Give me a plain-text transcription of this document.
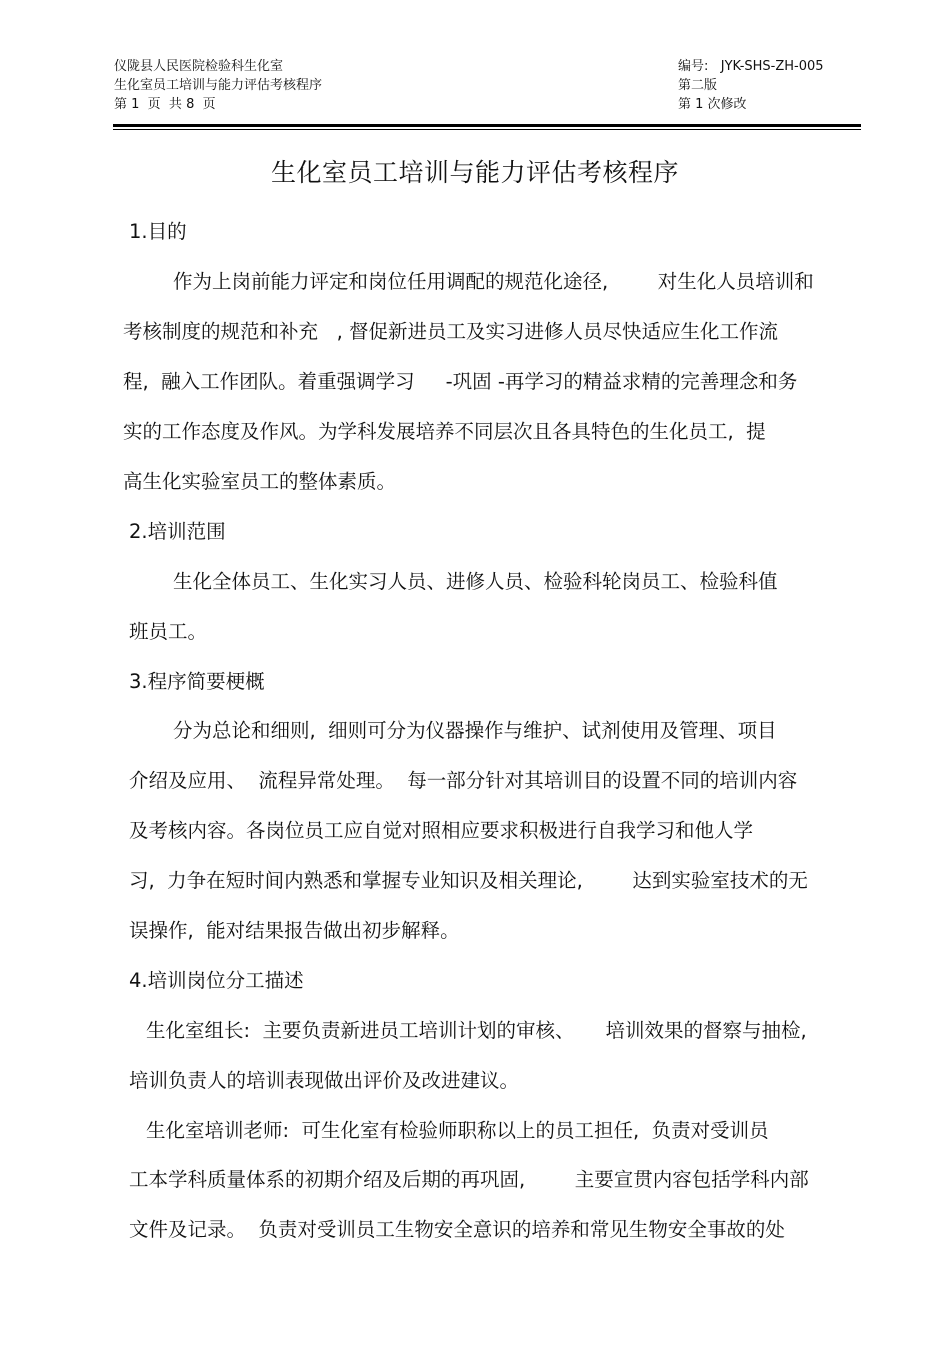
仪陇县人民医院检验科生化室
生化室员工培训与能力评估考核程序
第 1  页  共 8  页
编号:   JYK-SHS-ZH-005
第二版
第 1 次修改
生化室员工培训与能力评估考核程序
1.目的
作为上岗前能力评定和岗位任用调配的规范化途径,        对生化人员培训和
考核制度的规范和补充   , 督促新进员工及实习进修人员尽快适应生化工作流
程,  融入工作团队。着重强调学习     -巩固 -再学习的精益求精的完善理念和务
实的工作态度及作风。为学科发展培养不同层次且各具特色的生化员工,  提
高生化实验室员工的整体素质。
2.培训范围
生化全体员工、生化实习人员、进修人员、检验科轮岗员工、检验科值
班员工。
3.程序简要梗概
分为总论和细则,  细则可分为仪器操作与维护、试剂使用及管理、项目
介绍及应用、  流程异常处理。  每一部分针对其培训目的设置不同的培训内容
及考核内容。各岗位员工应自觉对照相应要求积极进行自我学习和他人学
习,  力争在短时间内熟悉和掌握专业知识及相关理论,        达到实验室技术的无
误操作,  能对结果报告做出初步解释。
4.培训岗位分工描述
生化室组长:  主要负责新进员工培训计划的审核、     培训效果的督察与抽检,
培训负责人的培训表现做出评价及改进建议。
生化室培训老师:  可生化室有检验师职称以上的员工担任,  负责对受训员
工本学科质量体系的初期介绍及后期的再巩固,        主要宣贯内容包括学科内部
文件及记录。  负责对受训员工生物安全意识的培养和常见生物安全事故的处
